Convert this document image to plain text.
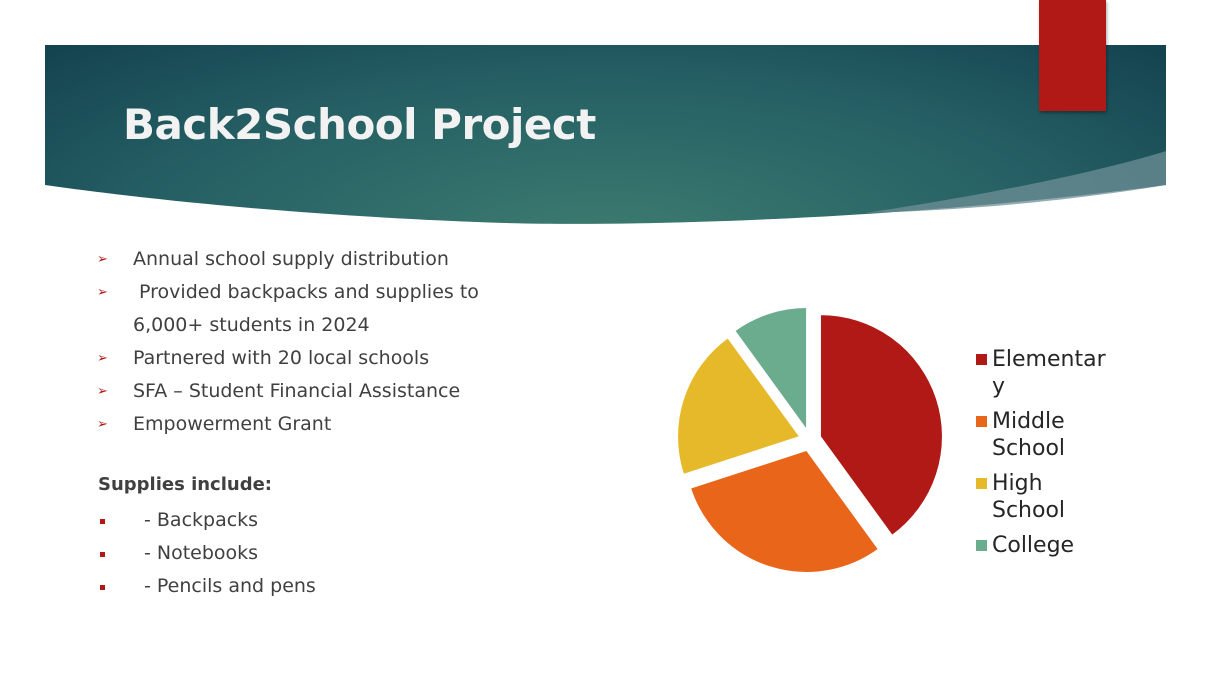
Back2School Project
➢ Annual school supply distribution
➢ Provided backpacks and supplies to
6,000+ students in 2024
➢ Partnered with 20 local schools
➢ SFA – Student Financial Assistance
➢ Empowerment Grant

Supplies include:

- Backpacks
- Notebooks
- Pencils and pens
Elementary
Middle School
High School
College
